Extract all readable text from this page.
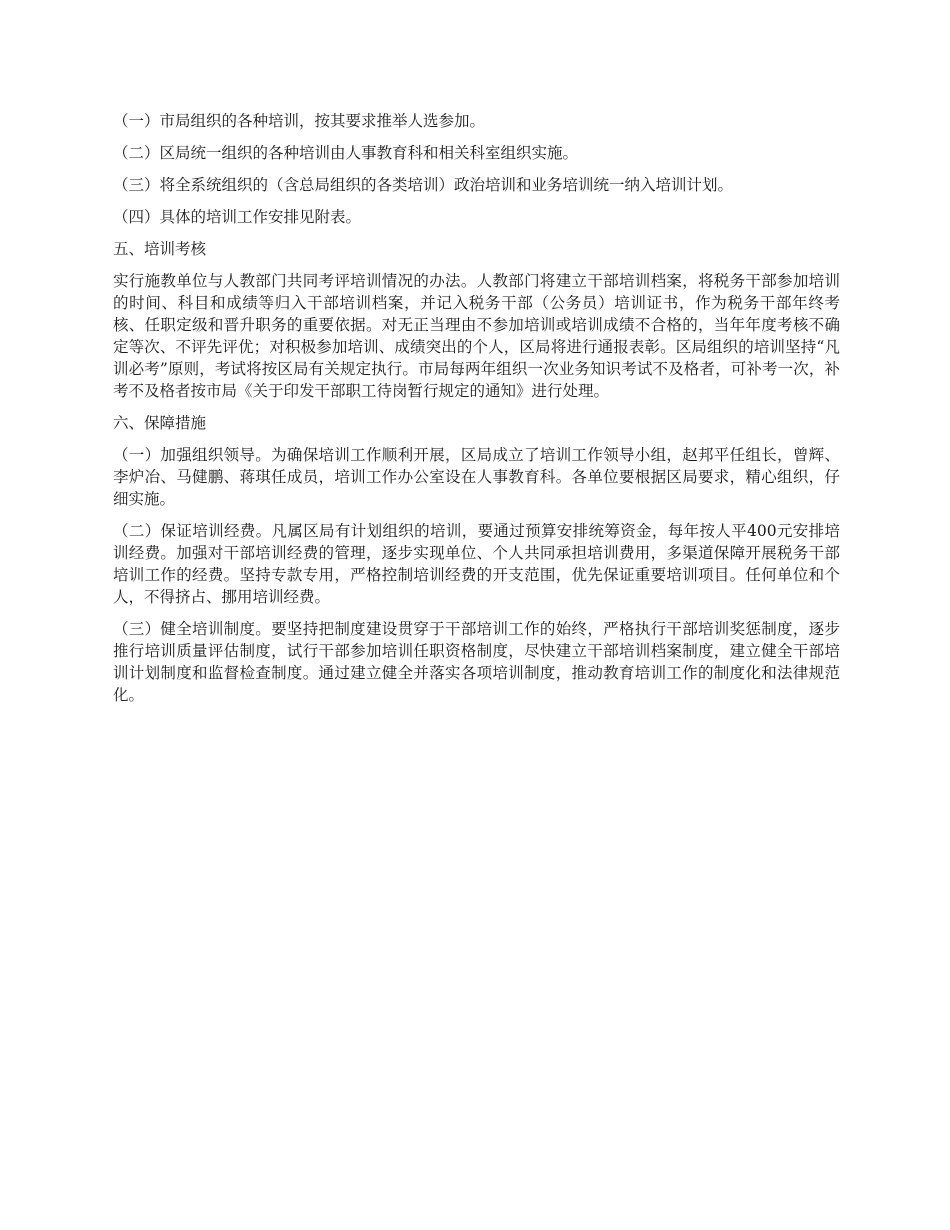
（一）市局组织的各种培训，按其要求推举人选参加。

（二）区局统一组织的各种培训由人事教育科和相关科室组织实施。

（三）将全系统组织的（含总局组织的各类培训）政治培训和业务培训统一纳入培训计划。

（四）具体的培训工作安排见附表。

五、培训考核

实行施教单位与人教部门共同考评培训情况的办法。人教部门将建立干部培训档案，将税务干部参加培训的时间、科目和成绩等归入干部培训档案，并记入税务干部（公务员）培训证书，作为税务干部年终考核、任职定级和晋升职务的重要依据。对无正当理由不参加培训或培训成绩不合格的，当年年度考核不确定等次、不评先评优；对积极参加培训、成绩突出的个人，区局将进行通报表彰。区局组织的培训坚持“凡训必考”原则，考试将按区局有关规定执行。市局每两年组织一次业务知识考试不及格者，可补考一次，补考不及格者按市局《关于印发干部职工待岗暂行规定的通知》进行处理。

六、保障措施

（一）加强组织领导。为确保培训工作顺利开展，区局成立了培训工作领导小组，赵邦平任组长，曾辉、李炉冶、马健鹏、蒋琪任成员，培训工作办公室设在人事教育科。各单位要根据区局要求，精心组织，仔细实施。

（二）保证培训经费。凡属区局有计划组织的培训，要通过预算安排统筹资金，每年按人平400元安排培训经费。加强对干部培训经费的管理，逐步实现单位、个人共同承担培训费用，多渠道保障开展税务干部培训工作的经费。坚持专款专用，严格控制培训经费的开支范围，优先保证重要培训项目。任何单位和个人，不得挤占、挪用培训经费。

（三）健全培训制度。要坚持把制度建设贯穿于干部培训工作的始终，严格执行干部培训奖惩制度，逐步推行培训质量评估制度，试行干部参加培训任职资格制度，尽快建立干部培训档案制度，建立健全干部培训计划制度和监督检查制度。通过建立健全并落实各项培训制度，推动教育培训工作的制度化和法律规范化。
